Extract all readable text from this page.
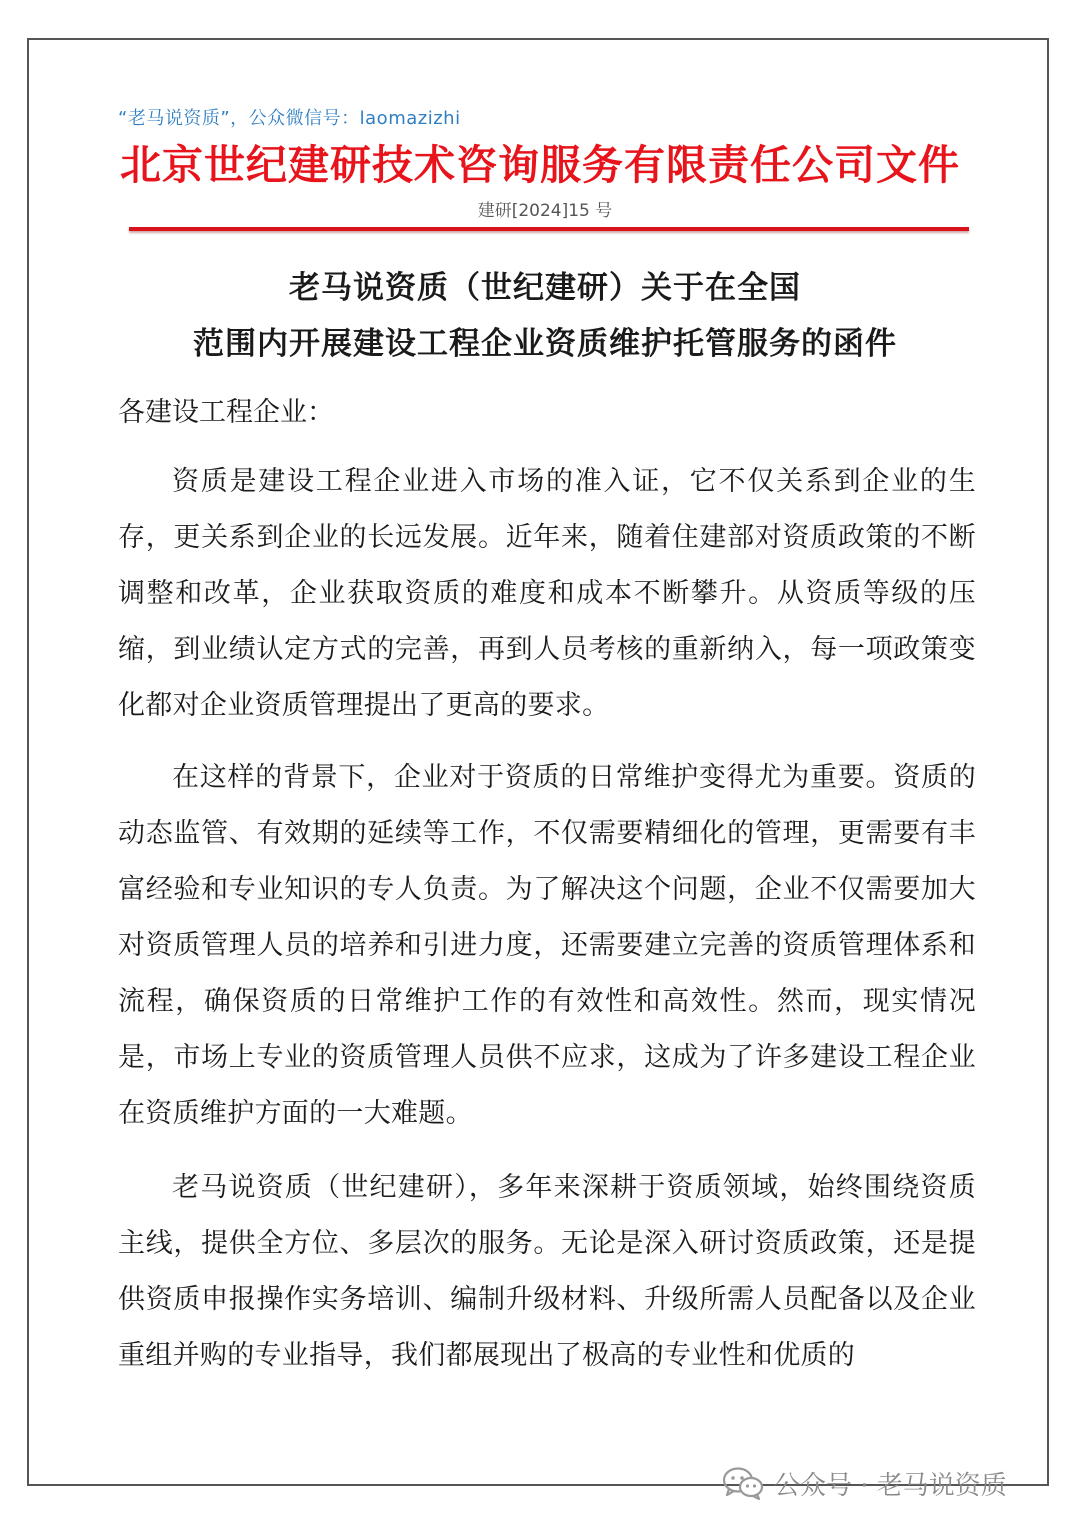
“老马说资质”，公众微信号：laomazizhi
北京世纪建研技术咨询服务有限责任公司文件
建研[2024]15 号
老马说资质（世纪建研）关于在全国
范围内开展建设工程企业资质维护托管服务的函件
各建设工程企业：

资质是建设工程企业进入市场的准入证，它不仅关系到企业的生存，更关系到企业的长远发展。近年来，随着住建部对资质政策的不断调整和改革，企业获取资质的难度和成本不断攀升。从资质等级的压缩，到业绩认定方式的完善，再到人员考核的重新纳入，每一项政策变化都对企业资质管理提出了更高的要求。

在这样的背景下，企业对于资质的日常维护变得尤为重要。资质的动态监管、有效期的延续等工作，不仅需要精细化的管理，更需要有丰富经验和专业知识的专人负责。为了解决这个问题，企业不仅需要加大对资质管理人员的培养和引进力度，还需要建立完善的资质管理体系和流程，确保资质的日常维护工作的有效性和高效性。然而，现实情况是，市场上专业的资质管理人员供不应求，这成为了许多建设工程企业在资质维护方面的一大难题。

老马说资质（世纪建研），多年来深耕于资质领域，始终围绕资质主线，提供全方位、多层次的服务。无论是深入研讨资质政策，还是提供资质申报操作实务培训、编制升级材料、升级所需人员配备以及企业重组并购的专业指导，我们都展现出了极高的专业性和优质的

公众号 · 老马说资质
